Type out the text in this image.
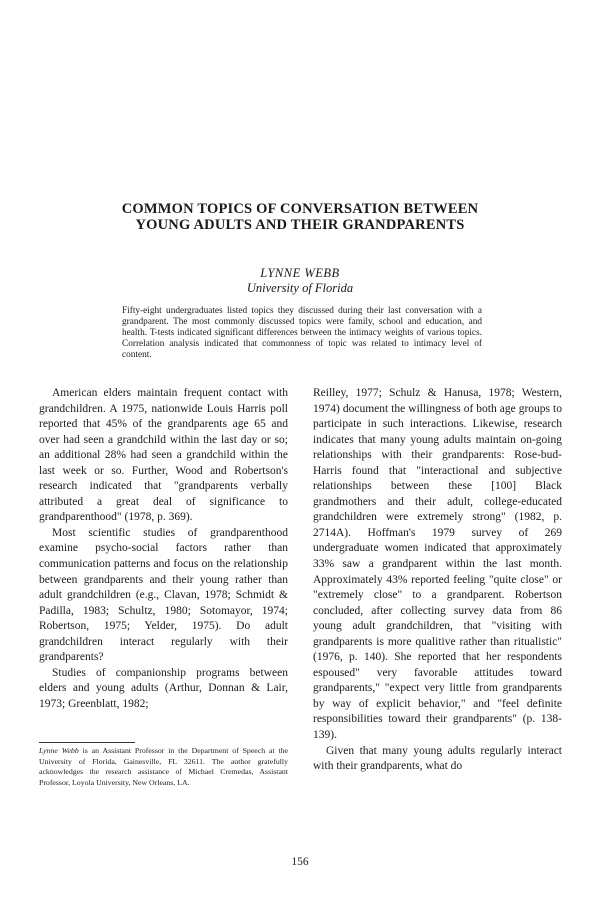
COMMON TOPICS OF CONVERSATION BETWEEN
YOUNG ADULTS AND THEIR GRANDPARENTS
LYNNE WEBB
University of Florida

Fifty-eight undergraduates listed topics they discussed during their last conversation with a grandparent. The most commonly discussed topics were family, school and education, and health. T-tests indicated significant differences between the intimacy weights of various topics. Correlation analysis indicated that commonness of topic was related to intimacy level of content.

American elders maintain frequent contact with grandchildren. A 1975, nationwide Louis Harris poll reported that 45% of the grandparents age 65 and over had seen a grandchild within the last day or so; an additional 28% had seen a grandchild within the last week or so. Further, Wood and Robertson's research indicated that "grandparents verbally attributed a great deal of significance to grandparenthood" (1978, p. 369).

Most scientific studies of grandparenthood examine psycho-social factors rather than communication patterns and focus on the relationship between grandparents and their young rather than adult grandchildren (e.g., Clavan, 1978; Schmidt & Padilla, 1983; Schultz, 1980; Sotomayor, 1974; Robertson, 1975; Yelder, 1975). Do adult grandchildren interact regularly with their grandparents?

Studies of companionship programs between elders and young adults (Arthur, Donnan & Lair, 1973; Greenblatt, 1982;

Lynne Webb is an Assistant Professor in the Department of Speech at the University of Florida, Gainesville, FL 32611. The author gratefully acknowledges the research assistance of Michael Cremedas, Assistant Professor, Loyola University, New Orleans, LA.

Reilley, 1977; Schulz & Hanusa, 1978; Western, 1974) document the willingness of both age groups to participate in such interactions. Likewise, research indicates that many young adults maintain on-going relationships with their grandparents: Rose-bud-Harris found that "interactional and subjective relationships between these [100] Black grandmothers and their adult, college-educated grandchildren were extremely strong" (1982, p. 2714A). Hoffman's 1979 survey of 269 undergraduate women indicated that approximately 33% saw a grandparent within the last month. Approximately 43% reported feeling "quite close" or "extremely close" to a grandparent. Robertson concluded, after collecting survey data from 86 young adult grandchildren, that "visiting with grandparents is more qualitive rather than ritualistic" (1976, p. 140). She reported that her respondents espoused" very favorable attitudes toward grandparents," "expect very little from grandparents by way of explicit behavior," and "feel definite responsibilities toward their grandparents" (p. 138-139).

Given that many young adults regularly interact with their grandparents, what do

156
